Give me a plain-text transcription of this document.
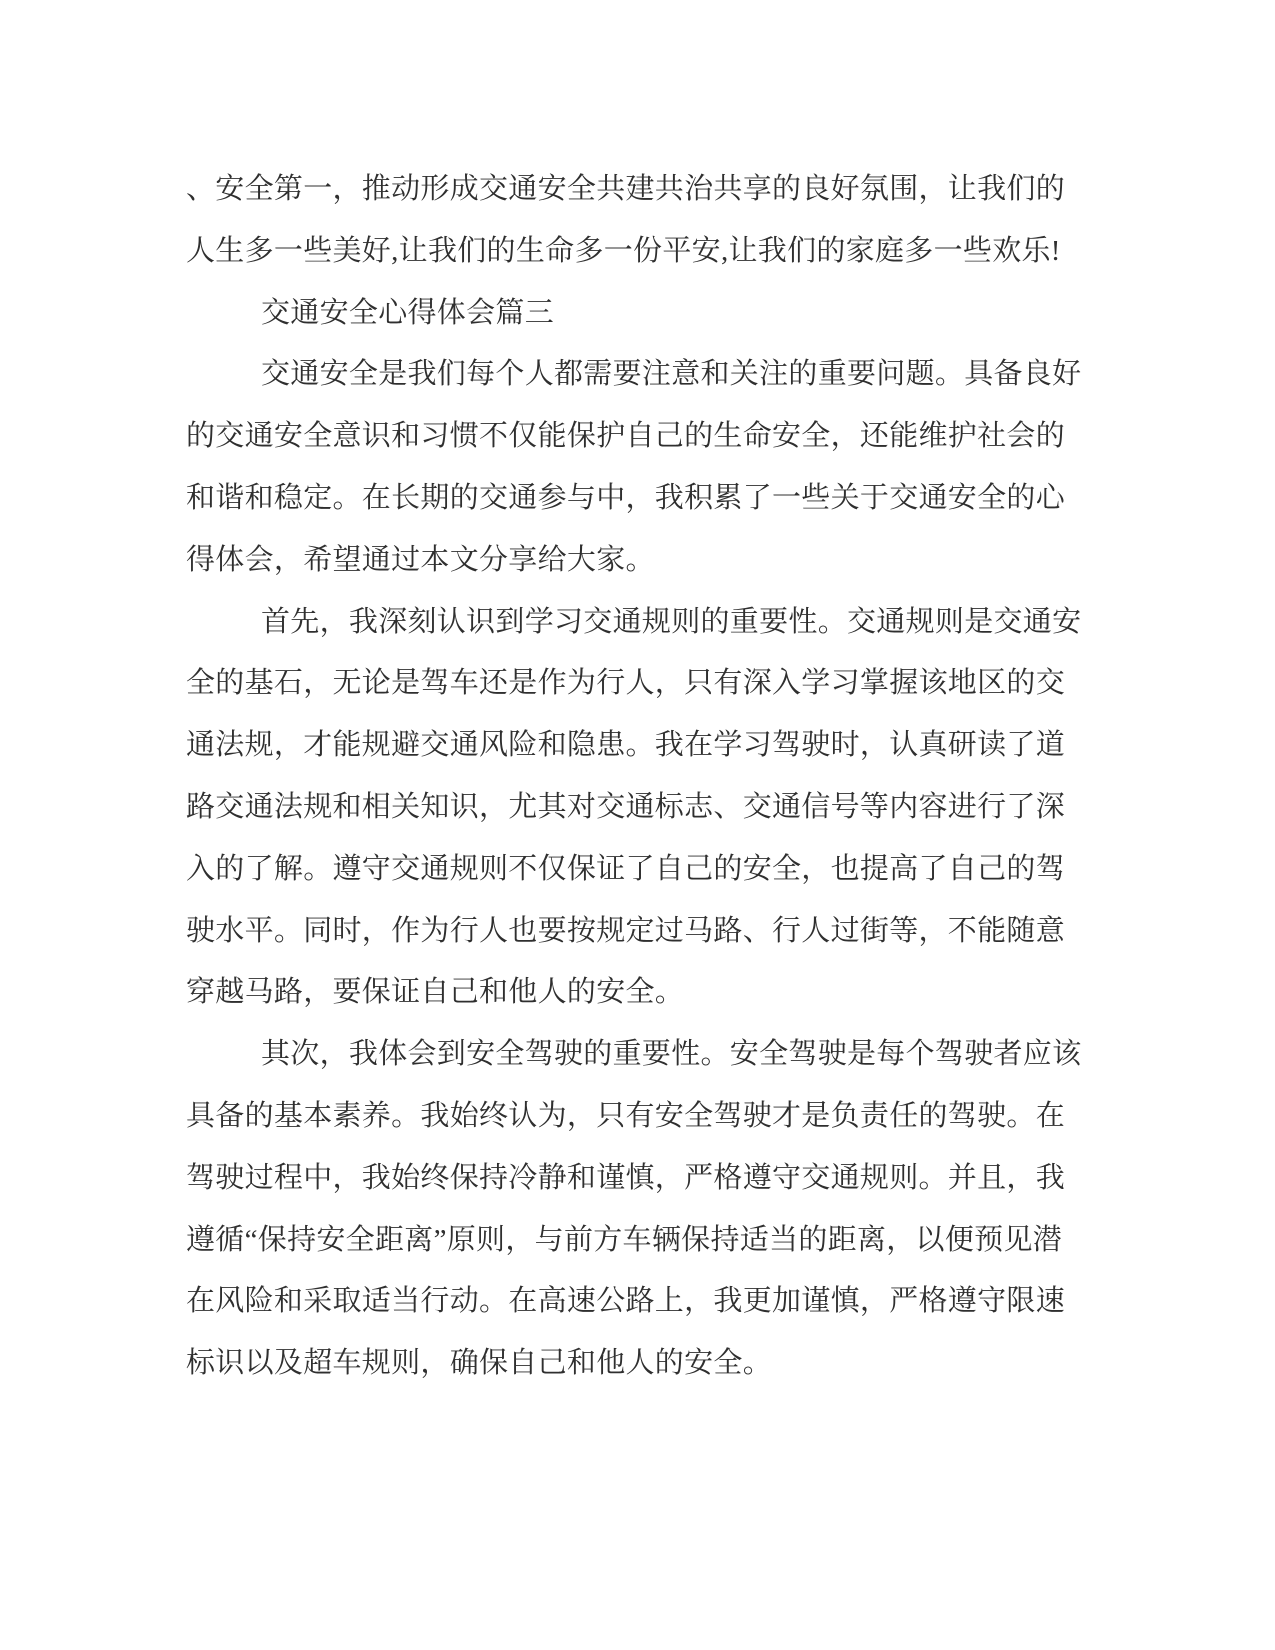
、安全第一，推动形成交通安全共建共治共享的良好氛围，让我们的
人生多一些美好,让我们的生命多一份平安,让我们的家庭多一些欢乐!
交通安全心得体会篇三
交通安全是我们每个人都需要注意和关注的重要问题。具备良好
的交通安全意识和习惯不仅能保护自己的生命安全，还能维护社会的
和谐和稳定。在长期的交通参与中，我积累了一些关于交通安全的心
得体会，希望通过本文分享给大家。
首先，我深刻认识到学习交通规则的重要性。交通规则是交通安
全的基石，无论是驾车还是作为行人，只有深入学习掌握该地区的交
通法规，才能规避交通风险和隐患。我在学习驾驶时，认真研读了道
路交通法规和相关知识，尤其对交通标志、交通信号等内容进行了深
入的了解。遵守交通规则不仅保证了自己的安全，也提高了自己的驾
驶水平。同时，作为行人也要按规定过马路、行人过街等，不能随意
穿越马路，要保证自己和他人的安全。
其次，我体会到安全驾驶的重要性。安全驾驶是每个驾驶者应该
具备的基本素养。我始终认为，只有安全驾驶才是负责任的驾驶。在
驾驶过程中，我始终保持冷静和谨慎，严格遵守交通规则。并且，我
遵循“保持安全距离”原则，与前方车辆保持适当的距离，以便预见潜
在风险和采取适当行动。在高速公路上，我更加谨慎，严格遵守限速
标识以及超车规则，确保自己和他人的安全。
